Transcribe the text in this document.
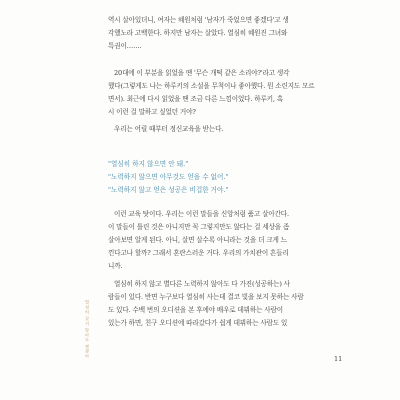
역시 살아있더니, 여자는 혜원처럼 '남자가 죽었으면 좋겠다'고 생
각했노라 고백한다. 하지만 남자는 살았다. 열심히 혜원진 그녀와
특권이…….
20대에 이 부분을 읽었을 땐 '무슨 개떡 같은 소리야?'라고 생각
했다(그렇게도 나는 하루키의 소설을 무척이나 좋아했다. 뭔 소린지도 모르
면서). 최근에 다시 읽었을 땐 조금 다른 느낌이었다. 하루키, 혹
시 이런 걸 말하고 싶었던 거야?
우리는 어릴 때부터 정신교육을 받는다.
"열심히 하지 않으면 안 돼."
"노력하지 않으면 아무것도 얻을 수 없어."
"노력하지 않고 얻은 성공은 비겁한 거야."
이런 교육 탓이다. 우리는 이런 말들을 신앙처럼 품고 살아간다.
이 말들이 틀린 것은 아니지만 꼭 그렇지만도 않다는 걸 세상을 좀
살아보면 알게 된다. 아니, 살면 살수록 아니라는 것을 더 크게 느
낀다고나 할까? 그래서 혼란스러운 거다. 우리의 가치관이 흔들리
니까.
열심히 하지 않고 별다른 노력하지 않아도 다 가진(성공하는) 사
람들이 있다. 반면 누구보다 열심히 사는데 결코 빛을 보지 못하는 사람
도 있다. 수백 번의 오디션을 본 후에야 배우로 데뷔하는 사람이
있는가 하면, 친구 오디션에 따라갔다가 쉽게 데뷔하는 사람도 있
열심히 살지 않아도 괜찮아
11
